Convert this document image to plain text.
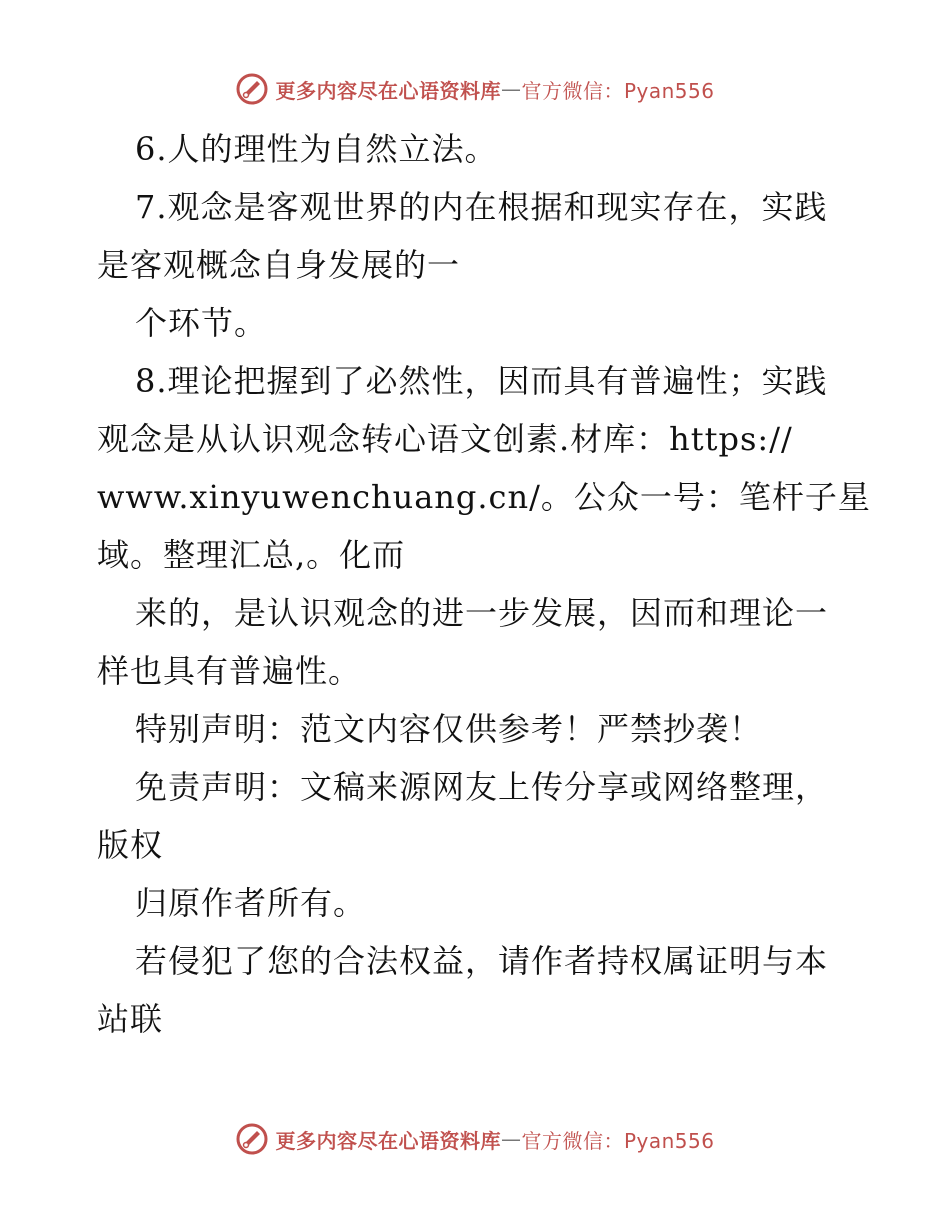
更多内容尽在心语资料库 — 官方微信：Pyan556
6.人的理性为自然立法。
7.观念是客观世界的内在根据和现实存在，实践
是客观概念自身发展的一
个环节。
8.理论把握到了必然性，因而具有普遍性；实践
观念是从认识观念转心语文创素.材库：https://
www.xinyuwenchuang.cn/。公众一号：笔杆子星
域。整理汇总,。化而
来的，是认识观念的进一步发展，因而和理论一
样也具有普遍性。
特别声明：范文内容仅供参考！严禁抄袭！
免责声明：文稿来源网友上传分享或网络整理，
版权
归原作者所有。
若侵犯了您的合法权益，请作者持权属证明与本
站联
更多内容尽在心语资料库 — 官方微信：Pyan556
